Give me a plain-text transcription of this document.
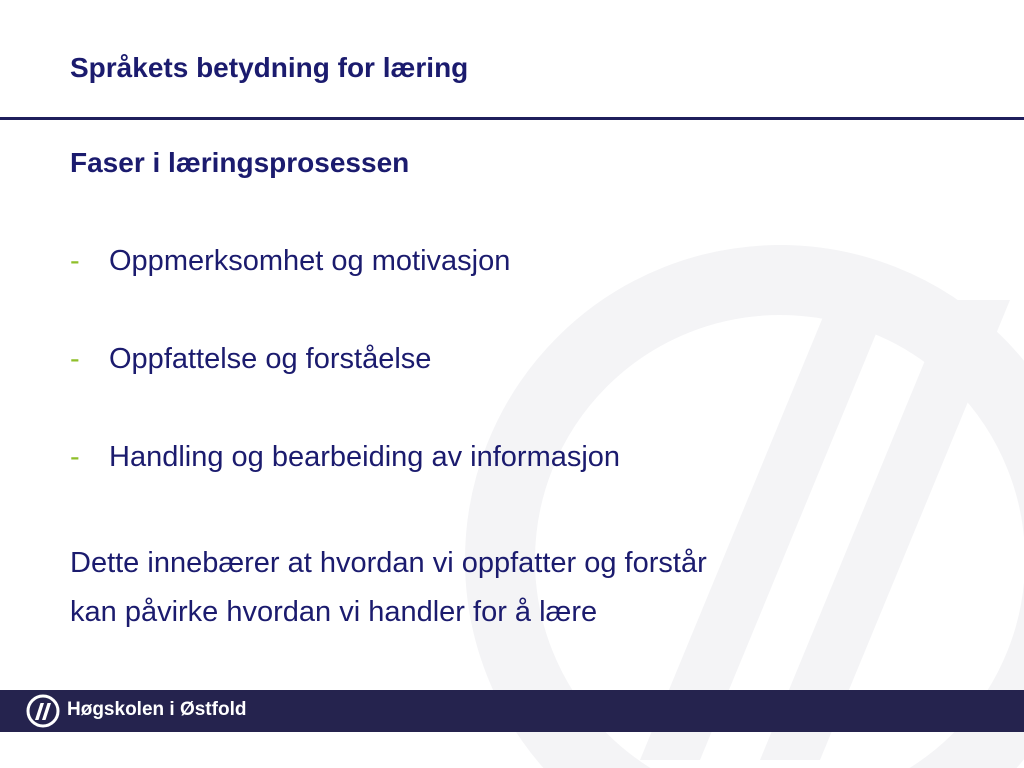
Språkets betydning for læring
Faser i læringsprosessen
- Oppmerksomhet og motivasjon
- Oppfattelse og forståelse
- Handling og bearbeiding av informasjon
Dette innebærer at hvordan vi oppfatter og forstår
kan påvirke hvordan vi handler for å lære
Høgskolen i Østfold
